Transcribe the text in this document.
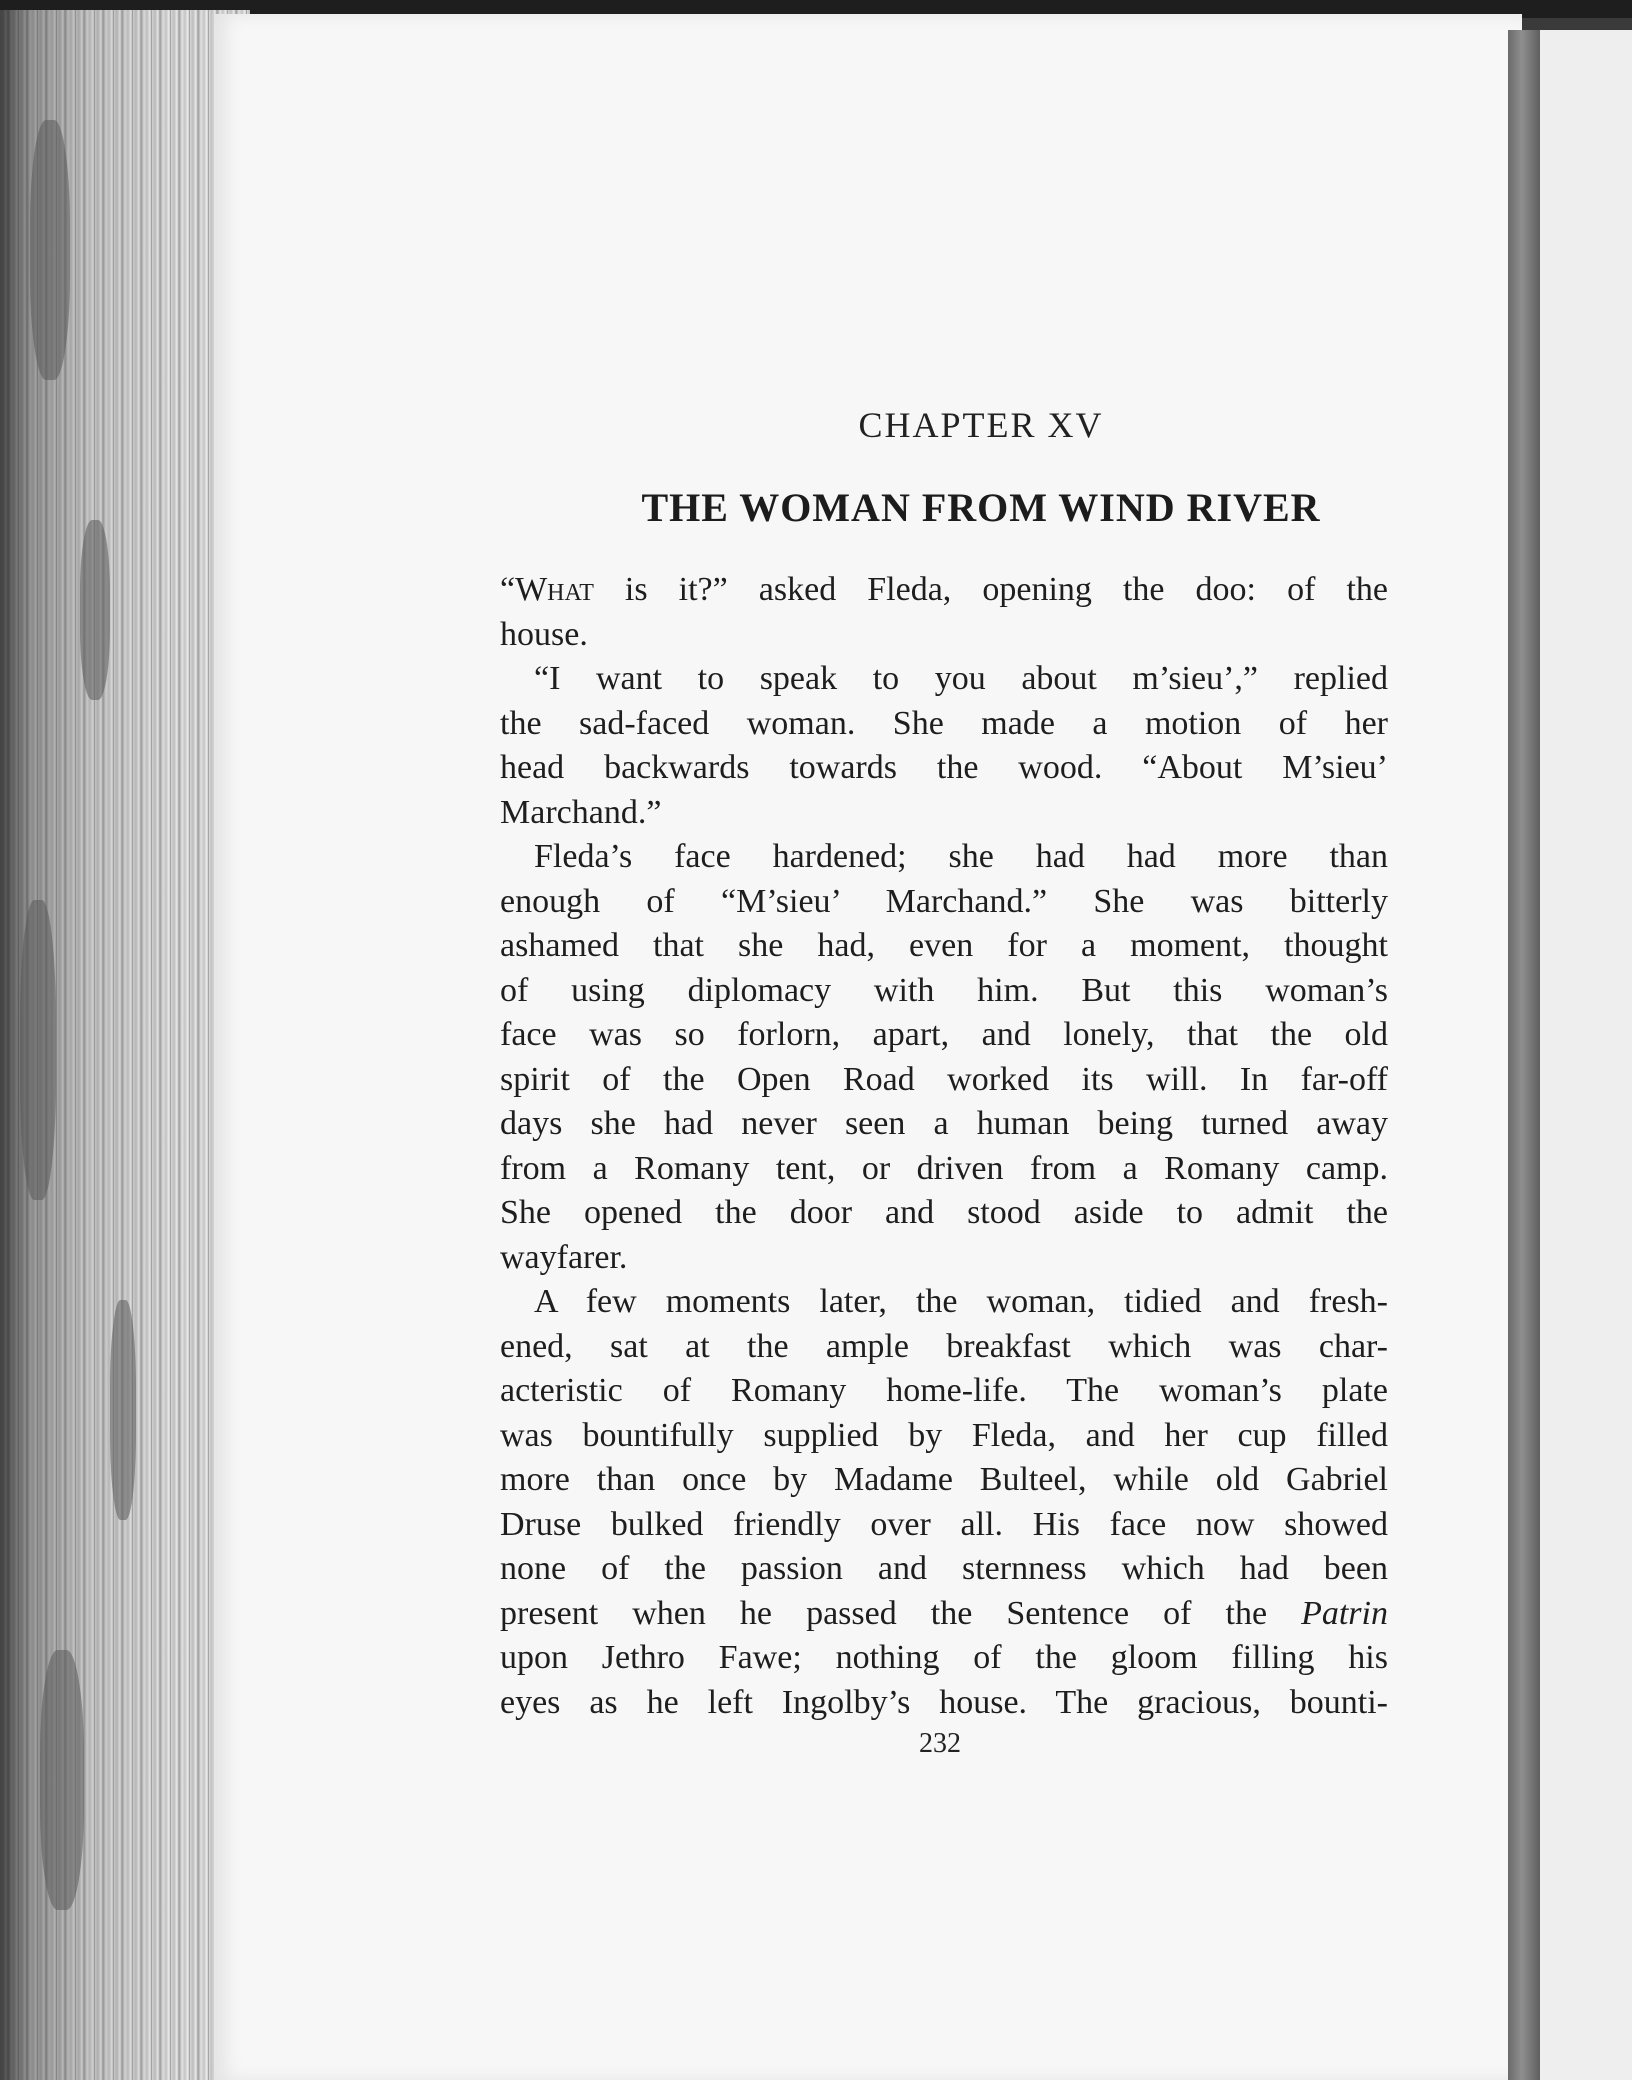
CHAPTER XV
THE WOMAN FROM WIND RIVER
“What is it?” asked Fleda, opening the doo: of the
house.
“I want to speak to you about m’sieu’,” replied
the sad-faced woman. She made a motion of her
head backwards towards the wood. “About M’sieu’
Marchand.”
Fleda’s face hardened; she had had more than
enough of “M’sieu’ Marchand.” She was bitterly
ashamed that she had, even for a moment, thought
of using diplomacy with him. But this woman’s
face was so forlorn, apart, and lonely, that the old
spirit of the Open Road worked its will. In far-off
days she had never seen a human being turned away
from a Romany tent, or driven from a Romany camp.
She opened the door and stood aside to admit the
wayfarer.
A few moments later, the woman, tidied and fresh-
ened, sat at the ample breakfast which was char-
acteristic of Romany home-life. The woman’s plate
was bountifully supplied by Fleda, and her cup filled
more than once by Madame Bulteel, while old Gabriel
Druse bulked friendly over all. His face now showed
none of the passion and sternness which had been
present when he passed the Sentence of the Patrin
upon Jethro Fawe; nothing of the gloom filling his
eyes as he left Ingolby’s house. The gracious, bounti-
232
